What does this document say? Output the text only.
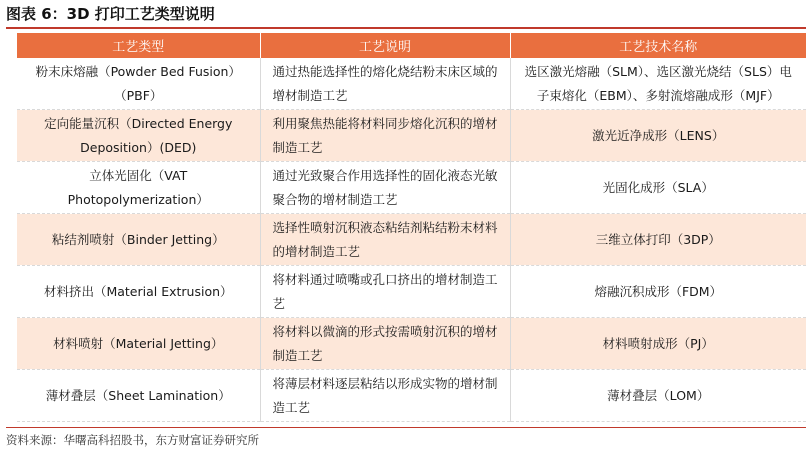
图表 6：3D 打印工艺类型说明
工艺类型	工艺说明	工艺技术名称
粉末床熔融（Powder Bed Fusion）（PBF）	通过热能选择性的熔化烧结粉末床区域的增材制造工艺	选区激光熔融（SLM）、选区激光烧结（SLS）电子束熔化（EBM）、多射流熔融成形（MJF）
定向能量沉积（Directed Energy Deposition）(DED)	利用聚焦热能将材料同步熔化沉积的增材制造工艺	激光近净成形（LENS）
立体光固化（VAT Photopolymerization）	通过光致聚合作用选择性的固化液态光敏聚合物的增材制造工艺	光固化成形（SLA）
粘结剂喷射（Binder Jetting）	选择性喷射沉积液态粘结剂粘结粉末材料的增材制造工艺	三维立体打印（3DP）
材料挤出（Material Extrusion）	将材料通过喷嘴或孔口挤出的增材制造工艺	熔融沉积成形（FDM）
材料喷射（Material Jetting）	将材料以微滴的形式按需喷射沉积的增材制造工艺	材料喷射成形（PJ）
薄材叠层（Sheet Lamination）	将薄层材料逐层粘结以形成实物的增材制造工艺	薄材叠层（LOM）
资料来源：华曙高科招股书，东方财富证券研究所
